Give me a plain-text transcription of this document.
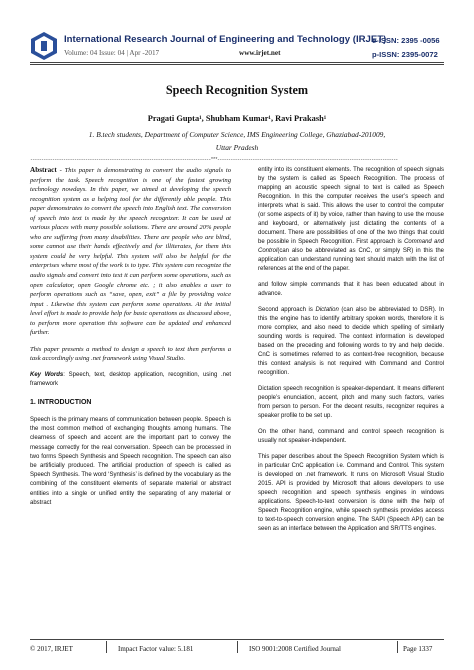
International Research Journal of Engineering and Technology (IRJET)
Volume: 04 Issue: 04 | Apr -2017	www.irjet.net
e-ISSN: 2395 -0056
p-ISSN: 2395-0072
Speech Recognition System
Pragati Gupta¹, Shubham Kumar¹, Ravi Prakash¹
1. B.tech students, Department of Computer Science, IMS Engineering College, Ghaziabad-201009,
Uttar Pradesh
----------------------------------------------------------------------------------***----------------------------------------------------------------------------------

Abstract - This paper is demonstrating to convert the audio signals to perform the task. Speech recognition is one of the fastest growing technology nowdays. In this paper, we aimed at developing the speech recognition system as a helping tool for the differently able people. This paper demonstrates to convert the speech into English text. The conversion of speech into text is made by the speech recognizer. It can be used at various places with many possible solutions. There are around 20% people who are suffering from many disabilities. There are people who are blind, some cannot use their hands effectively and for illiterates, for them this system could be very helpful. This system will also be helpful for the enterprises where most of the work is to type. This system can recognize the audio signals and convert into text it can perform some operations, such as open calculator, open Google chrome etc. ; it also enables a user to perform operations such as “save, open, exit” a file by providing voice input . Likewise this system can perform some operations. At the initial level effort is made to provide help for basic operations as discussed above, to perform more operation this software can be updated and enhanced further.

This paper presents a method to design a speech to text then performs a task accordingly using .net framework using Visual Studio.

Key Words: Speech, text, desktop application, recognition, using .net framework

1. INTRODUCTION

Speech is the primary means of communication between people. Speech is the most common method of exchanging thoughts among humans. The clearness of speech and accent are the important part to convey the message correctly for the real conversation. Speech can be processed in two forms Speech Synthesis and Speech recognition. The speech can also be artificially produced. The artificial production of speech is called as Speech Synthesis. The word ‘Synthesis’ is defined by the vocabulary as the combining of the constituent elements of separate material or abstract entities into a single or unified entity the separating of any material or abstract

entity into its constituent elements. The recognition of speech signals by the system is called as Speech Recognition. The process of mapping an acoustic speech signal to text is called as Speech Recognition. In this the computer receives the user’s speech and interprets what is said. This allows the user to control the computer (or some aspects of it) by voice, rather than having to use the mouse and keyboard, or alternatively just dictating the contents of a document. There are possibilities of one of the two things that could be possible in Speech Recognition. First approach is Command and Control(can also be abbreviated as CnC, or simply SR) in this the application can understand running text should match with the list of references at the end of the paper.

and follow simple commands that it has been educated about in advance.

Second approach is Dictation (can also be abbreviated to DSR). In this the engine has to identify arbitrary spoken words, therefore it is more complex, and also need to decide which spelling of similarly sounding words is required. The context information is developed based on the preceding and following words to try and help decide. CnC is sometimes referred to as context-free recognition, because this context analysis is not required with Command and Control recognition.

Dictation speech recognition is speaker-dependant. It means different people’s enunciation, accent, pitch and many such factors, varies from person to person. For the decent results, recognizer requires a speaker profile to be set up.

On the other hand, command and control speech recognition is usually not speaker-independent.

This paper describes about the Speech Recognition System which is in particular CnC application i.e. Command and Control. This system is developed on .net framework. It runs on Microsoft Visual Studio 2015. API is provided by Microsoft that allows developers to use speech recognition and speech synthesis engines in windows applications. Speech-to-text conversion is done with the help of Speech Recognition engine, while speech synthesis provides access to text-to-speech conversion engine. The SAPI (Speech API) can be seen as an interface between the Application and SR/TTS engines.

© 2017, IRJET	Impact Factor value: 5.181	ISO 9001:2008 Certified Journal	Page 1337
